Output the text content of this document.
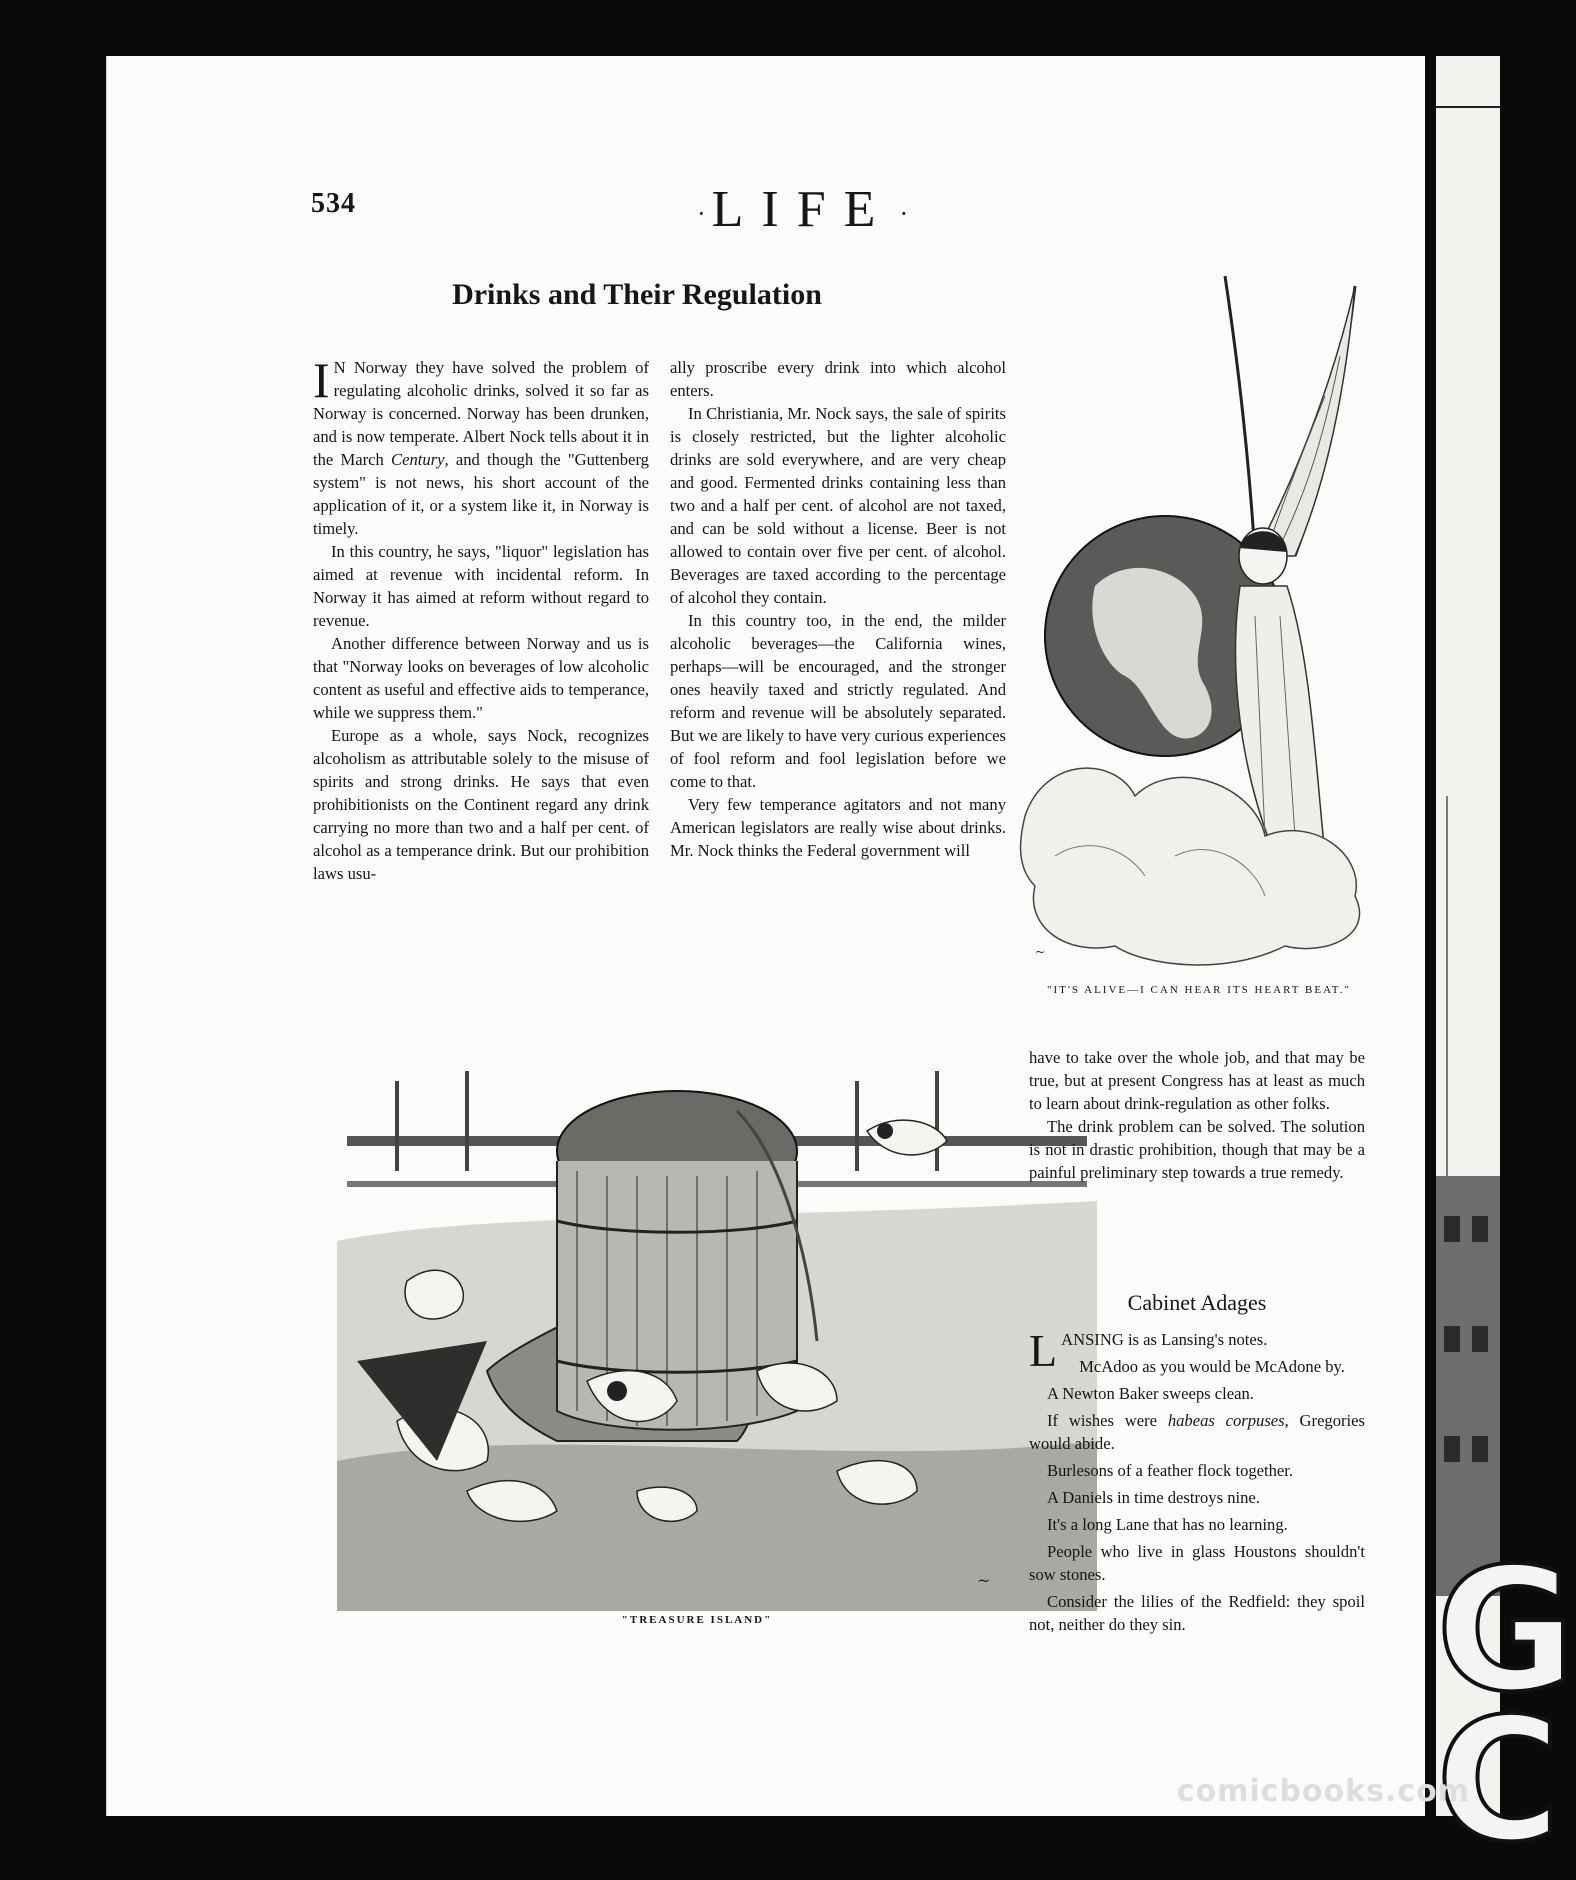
534	· LIFE ·
Drinks and Their Regulation

I N Norway they have solved the problem of regulating alcoholic drinks, solved it so far as Norway is concerned. Norway has been drunken, and is now temperate. Albert Nock tells about it in the March Century, and though the "Guttenberg system" is not news, his short account of the application of it, or a system like it, in Norway is timely.

In this country, he says, "liquor" legislation has aimed at revenue with incidental reform. In Norway it has aimed at reform without regard to revenue.

Another difference between Norway and us is that "Norway looks on beverages of low alcoholic content as useful and effective aids to temperance, while we suppress them."

Europe as a whole, says Nock, recognizes alcoholism as attributable solely to the misuse of spirits and strong drinks. He says that even prohibitionists on the Continent regard any drink carrying no more than two and a half per cent. of alcohol as a temperance drink. But our prohibition laws usu-

ally proscribe every drink into which alcohol enters.

In Christiania, Mr. Nock says, the sale of spirits is closely restricted, but the lighter alcoholic drinks are sold everywhere, and are very cheap and good. Fermented drinks containing less than two and a half per cent. of alcohol are not taxed, and can be sold without a license. Beer is not allowed to contain over five per cent. of alcohol. Beverages are taxed according to the percentage of alcohol they contain.

In this country too, in the end, the milder alcoholic beverages—the California wines, perhaps—will be encouraged, and the stronger ones heavily taxed and strictly regulated. And reform and revenue will be absolutely separated. But we are likely to have very curious experiences of fool reform and fool legislation before we come to that.

Very few temperance agitators and not many American legislators are really wise about drinks. Mr. Nock thinks the Federal government will

~
"IT'S ALIVE—I CAN HEAR ITS HEART BEAT."
~
"TREASURE ISLAND"

have to take over the whole job, and that may be true, but at present Congress has at least as much to learn about drink-regulation as other folks.

The drink problem can be solved. The solution is not in drastic prohibition, though that may be a painful preliminary step towards a true remedy.

Cabinet Adages

LANSING is as Lansing's notes.

McAdoo as you would be McAdone by.

A Newton Baker sweeps clean.

If wishes were habeas corpuses, Gregories would abide.

Burlesons of a feather flock together.

A Daniels in time destroys nine.

It's a long Lane that has no learning.

People who live in glass Houstons shouldn't sow stones.

Consider the lilies of the Redfield: they spoil not, neither do they sin.	G
C
comicbooks.com
